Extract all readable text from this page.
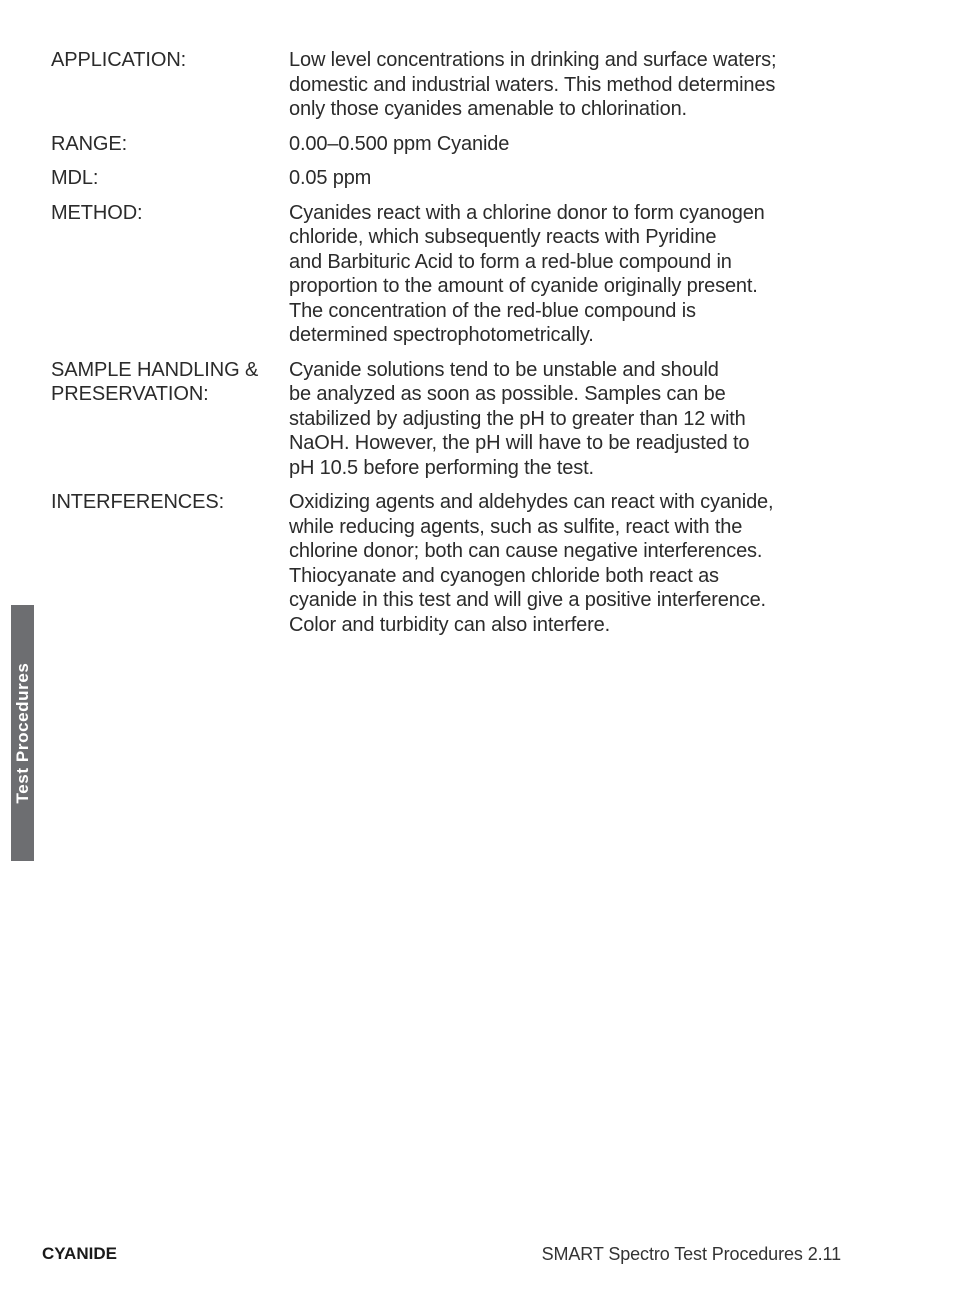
APPLICATION:	Low level concentrations in drinking and surface waters;
domestic and industrial waters. This method determines
only those cyanides amenable to chlorination.
RANGE:	0.00–0.500 ppm Cyanide
MDL:	0.05 ppm
METHOD:	Cyanides react with a chlorine donor to form cyanogen
chloride, which subsequently reacts with Pyridine
and Barbituric Acid to form a red-blue compound in
proportion to the amount of cyanide originally present.
The concentration of the red-blue compound is
determined spectrophotometrically.
SAMPLE HANDLING &
PRESERVATION:
Cyanide solutions tend to be unstable and should
be analyzed as soon as possible. Samples can be
stabilized by adjusting the pH to greater than 12 with
NaOH. However, the pH will have to be readjusted to
pH 10.5 before performing the test.
INTERFERENCES:	Oxidizing agents and aldehydes can react with cyanide,
while reducing agents, such as sulfite, react with the
chlorine donor; both can cause negative interferences.
Thiocyanate and cyanogen chloride both react as
cyanide in this test and will give a positive interference.
Color and turbidity can also interfere.
Test Procedures
CYANIDE	SMART Spectro Test Procedures 2.11
